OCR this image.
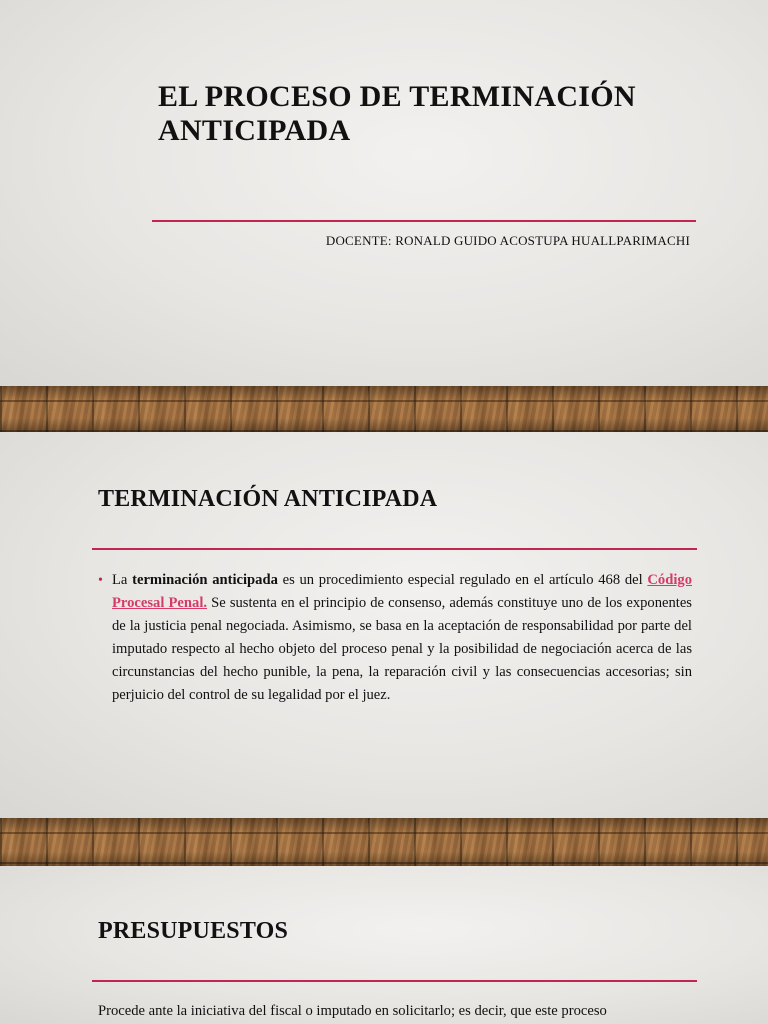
EL PROCESO DE TERMINACIÓN ANTICIPADA

DOCENTE: RONALD GUIDO ACOSTUPA HUALLPARIMACHI

TERMINACIÓN ANTICIPADA
• La terminación anticipada es un procedimiento especial regulado en el artículo 468 del Código Procesal Penal. Se sustenta en el principio de consenso, además constituye uno de los exponentes de la justicia penal negociada. Asimismo, se basa en la aceptación de responsabilidad por parte del imputado respecto al hecho objeto del proceso penal y la posibilidad de negociación acerca de las circunstancias del hecho punible, la pena, la reparación civil y las consecuencias accesorias; sin perjuicio del control de su legalidad por el juez.

PRESUPUESTOS

Procede ante la iniciativa del fiscal o imputado en solicitarlo; es decir, que este proceso
